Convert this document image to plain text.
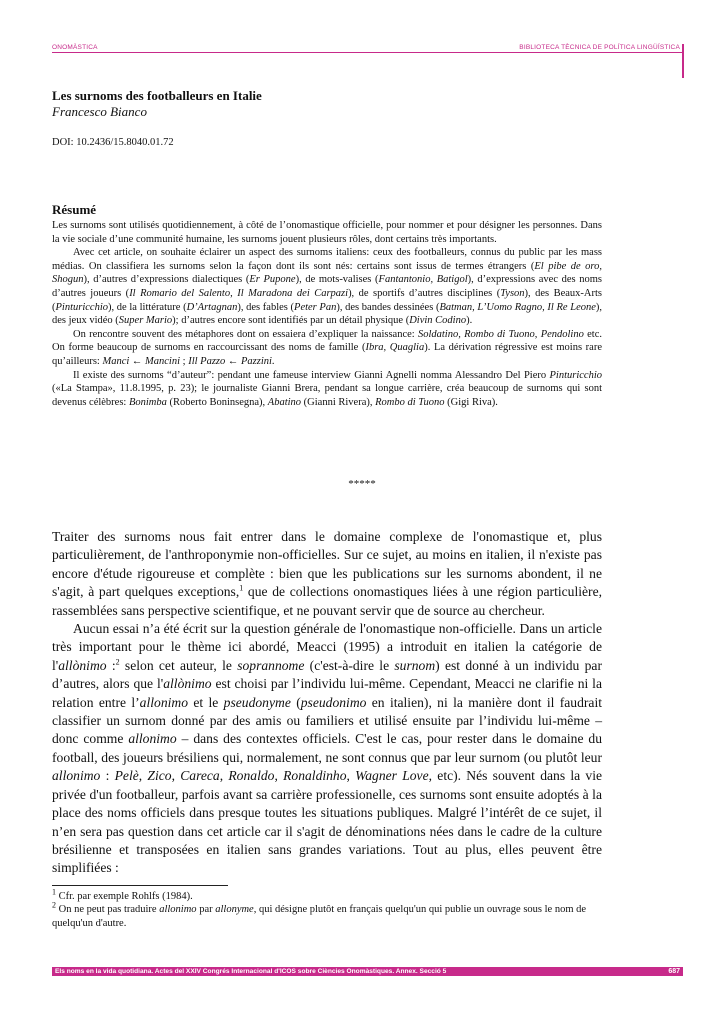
ONOMÀSTICA	BIBLIOTECA TÈCNICA DE POLÍTICA LINGÜÍSTICA
Les surnoms des footballeurs en Italie
Francesco Bianco
DOI: 10.2436/15.8040.01.72
Résumé

Les surnoms sont utilisés quotidiennement, à côté de l’onomastique officielle, pour nommer et pour désigner les personnes. Dans la vie sociale d’une communité humaine, les surnoms jouent plusieurs rôles, dont certains très importants.

Avec cet article, on souhaite éclairer un aspect des surnoms italiens: ceux des footballeurs, connus du public par les mass médias. On classifiera les surnoms selon la façon dont ils sont nés: certains sont issus de termes étrangers (El pibe de oro, Shogun), d’autres d’expressions dialectiques (Er Pupone), de mots-valises (Fantantonio, Batigol), d’expressions avec des noms d’autres joueurs (Il Romario del Salento, Il Maradona dei Carpazi), de sportifs d’autres disciplines (Tyson), des Beaux-Arts (Pinturicchio), de la littérature (D’Artagnan), des fables (Peter Pan), des bandes dessinées (Batman, L’Uomo Ragno, Il Re Leone), des jeux vidéo (Super Mario); d’autres encore sont identifiés par un détail physique (Divin Codino).

On rencontre souvent des métaphores dont on essaiera d’expliquer la naissance: Soldatino, Rombo di Tuono, Pendolino etc. On forme beaucoup de surnoms en raccourcissant des noms de famille (Ibra, Quaglia). La dérivation régressive est moins rare qu’ailleurs: Manci ← Mancini ; Ill Pazzo ← Pazzini.

Il existe des surnoms “d’auteur”: pendant une fameuse interview Gianni Agnelli nomma Alessandro Del Piero Pinturicchio («La Stampa», 11.8.1995, p. 23); le journaliste Gianni Brera, pendant sa longue carrière, créa beaucoup de surnoms qui sont devenus célèbres: Bonimba (Roberto Boninsegna), Abatino (Gianni Rivera), Rombo di Tuono (Gigi Riva).

*****

Traiter des surnoms nous fait entrer dans le domaine complexe de l'onomastique et, plus particulièrement, de l'anthroponymie non-officielles. Sur ce sujet, au moins en italien, il n'existe pas encore d'étude rigoureuse et complète : bien que les publications sur les surnoms abondent, il ne s'agit, à part quelques exceptions,$^1$ que de collections onomastiques liées à une région particulière, rassemblées sans perspective scientifique, et ne pouvant servir que de source au chercheur.

Aucun essai n’a été écrit sur la question générale de l'onomastique non-officielle. Dans un article très important pour le thème ici abordé, Meacci (1995) a introduit en italien la catégorie de l'allònimo :$^2$ selon cet auteur, le soprannome (c'est-à-dire le surnom) est donné à un individu par d’autres, alors que l'allònimo est choisi par l’individu lui-même. Cependant, Meacci ne clarifie ni la relation entre l’allonimo et le pseudonyme (pseudonimo en italien), ni la manière dont il faudrait classifier un surnom donné par des amis ou familiers et utilisé ensuite par l’individu lui-même – donc comme allonimo – dans des contextes officiels. C'est le cas, pour rester dans le domaine du football, des joueurs brésiliens qui, normalement, ne sont connus que par leur surnom (ou plutôt leur allonimo : Pelè, Zico, Careca, Ronaldo, Ronaldinho, Wagner Love, etc). Nés souvent dans la vie privée d'un footballeur, parfois avant sa carrière professionelle, ces surnoms sont ensuite adoptés à la place des noms officiels dans presque toutes les situations publiques. Malgré l’intérêt de ce sujet, il n’en sera pas question dans cet article car il s'agit de dénominations nées dans le cadre de la culture brésilienne et transposées en italien sans grandes variations. Tout au plus, elles peuvent être simplifiées :

$^1$ Cfr. par exemple Rohlfs (1984).

$^2$ On ne peut pas traduire allonimo par allonyme, qui désigne plutôt en français quelqu'un qui publie un ouvrage sous le nom de quelqu'un d'autre.

Els noms en la vida quotidiana. Actes del XXIV Congrés Internacional d'ICOS sobre Ciències Onomàstiques. Annex. Secció 5	687
